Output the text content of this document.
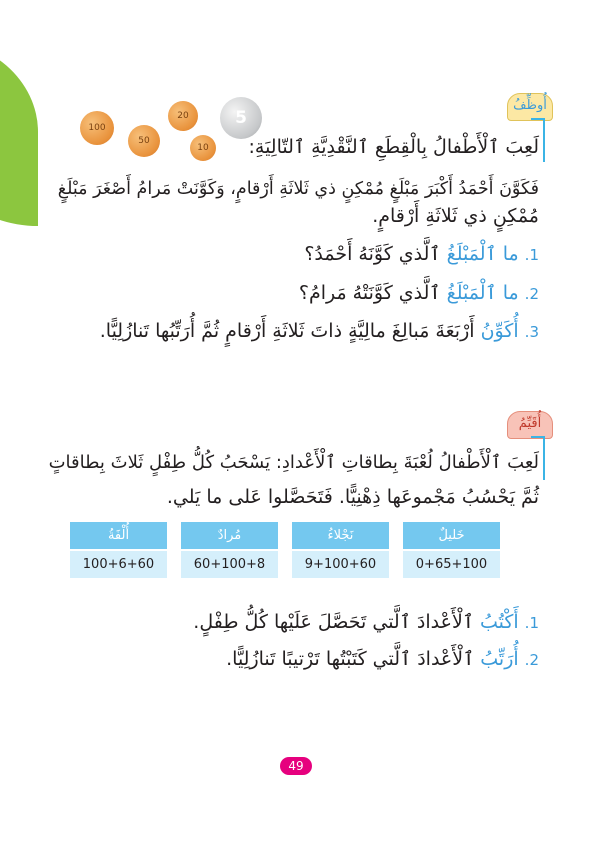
أُوظِّفُ
100
50
20
10
5

لَعِبَ ٱلْأَطْفالُ بِالْقِطَعِ ٱلنَّقْدِيَّةِ ٱلتّالِيَةِ:

فَكَوَّنَ أَحْمَدُ أَكْبَرَ مَبْلَغٍ مُمْكِنٍ ذي ثَلاثَةِ أَرْقامٍ، وَكَوَّنَتْ مَرامُ أَصْغَرَ مَبْلَغٍ

مُمْكِنٍ ذي ثَلاثَةِ أَرْقامٍ.

1.ما ٱلْمَبْلَغُ ٱلَّذي كَوَّنَهُ أَحْمَدُ؟

2.ما ٱلْمَبْلَغُ ٱلَّذي كَوَّنَتْهُ مَرامُ؟

3.أُكَوِّنُ أَرْبَعَةَ مَبالِغَ مالِيَّةٍ ذاتَ ثَلاثَةِ أَرْقامٍ ثُمَّ أُرَتِّبُها تَنازُلِيًّا.

أُقَيِّمُ

لَعِبَ ٱلْأَطْفالُ لُعْبَةَ بِطاقاتِ ٱلْأَعْدادِ: يَسْحَبُ كُلُّ طِفْلٍ ثَلاثَ بِطاقاتٍ

ثُمَّ يَحْسُبُ مَجْموعَها ذِهْنِيًّا. فَتَحَصَّلوا عَلى ما يَلي.

أُلْفَةُ
100+6+60
مُرادٌ
60+100+8
نَجْلاءُ
9+100+60
خَليلٌ
0+65+100

1.أَكْتُبُ ٱلْأَعْدادَ ٱلَّتي تَحَصَّلَ عَلَيْها كُلُّ طِفْلٍ.

2.أُرَتِّبُ ٱلْأَعْدادَ ٱلَّتي كَتَبْتُها تَرْتيبًا تَنازُلِيًّا.

49
